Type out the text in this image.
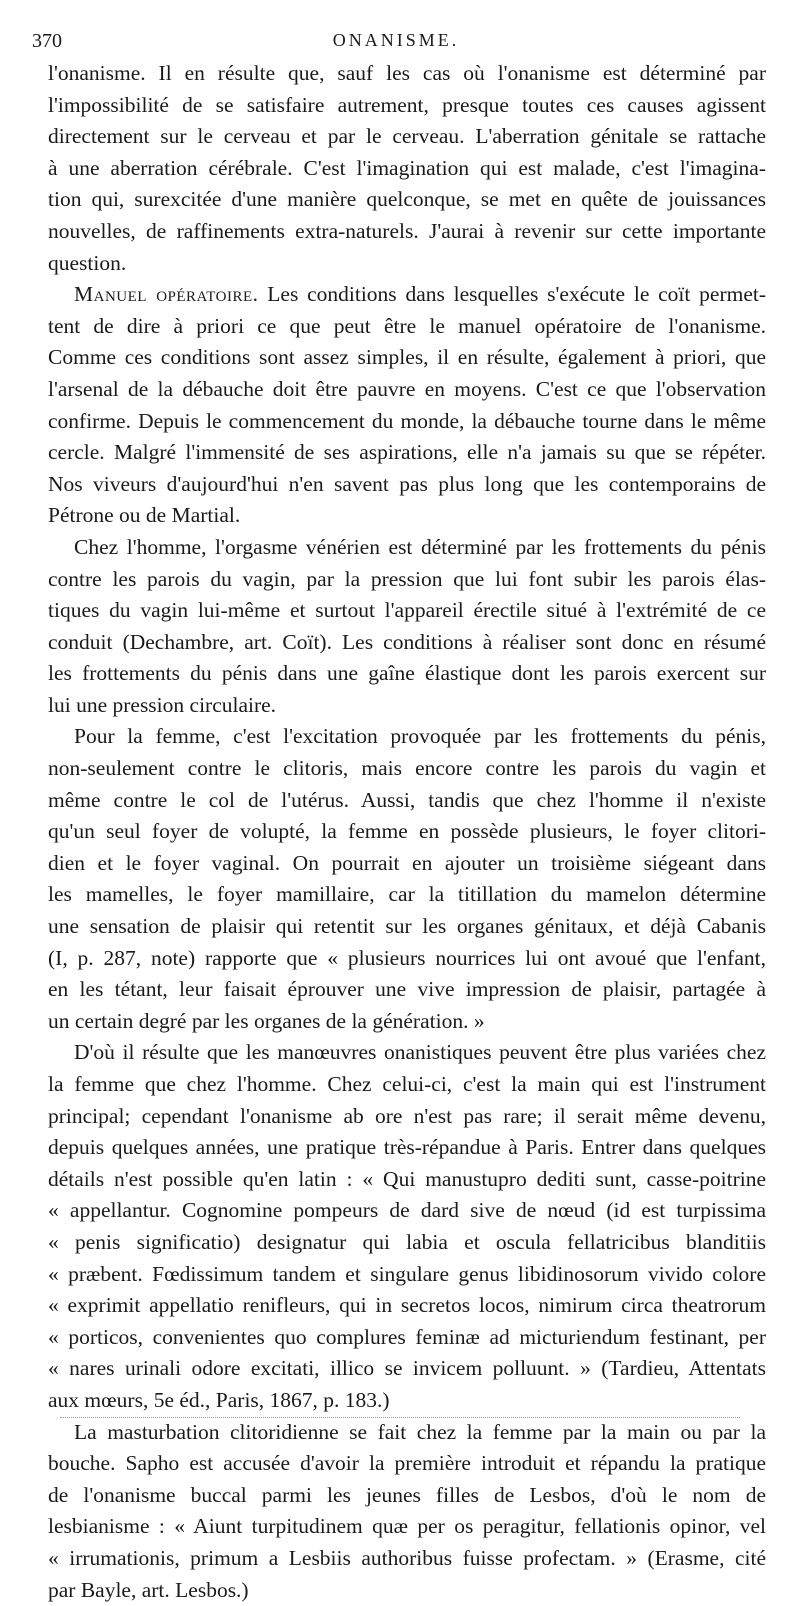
370	ONANISME.
l'onanisme. Il en résulte que, sauf les cas où l'onanisme est déterminé par
l'impossibilité de se satisfaire autrement, presque toutes ces causes agissent
directement sur le cerveau et par le cerveau. L'aberration génitale se rattache
à une aberration cérébrale. C'est l'imagination qui est malade, c'est l'imagina-
tion qui, surexcitée d'une manière quelconque, se met en quête de jouissances
nouvelles, de raffinements extra-naturels. J'aurai à revenir sur cette importante
question.
Manuel opératoire. Les conditions dans lesquelles s'exécute le coït permet-
tent de dire à priori ce que peut être le manuel opératoire de l'onanisme.
Comme ces conditions sont assez simples, il en résulte, également à priori, que
l'arsenal de la débauche doit être pauvre en moyens. C'est ce que l'observation
confirme. Depuis le commencement du monde, la débauche tourne dans le même
cercle. Malgré l'immensité de ses aspirations, elle n'a jamais su que se répéter.
Nos viveurs d'aujourd'hui n'en savent pas plus long que les contemporains de
Pétrone ou de Martial.
Chez l'homme, l'orgasme vénérien est déterminé par les frottements du pénis
contre les parois du vagin, par la pression que lui font subir les parois élas-
tiques du vagin lui-même et surtout l'appareil érectile situé à l'extrémité de ce
conduit (Dechambre, art. Coït). Les conditions à réaliser sont donc en résumé
les frottements du pénis dans une gaîne élastique dont les parois exercent sur
lui une pression circulaire.
Pour la femme, c'est l'excitation provoquée par les frottements du pénis,
non-seulement contre le clitoris, mais encore contre les parois du vagin et
même contre le col de l'utérus. Aussi, tandis que chez l'homme il n'existe
qu'un seul foyer de volupté, la femme en possède plusieurs, le foyer clitori-
dien et le foyer vaginal. On pourrait en ajouter un troisième siégeant dans
les mamelles, le foyer mamillaire, car la titillation du mamelon détermine
une sensation de plaisir qui retentit sur les organes génitaux, et déjà Cabanis
(I, p. 287, note) rapporte que « plusieurs nourrices lui ont avoué que l'enfant,
en les tétant, leur faisait éprouver une vive impression de plaisir, partagée à
un certain degré par les organes de la génération. »
D'où il résulte que les manœuvres onanistiques peuvent être plus variées chez
la femme que chez l'homme. Chez celui-ci, c'est la main qui est l'instrument
principal; cependant l'onanisme ab ore n'est pas rare; il serait même devenu,
depuis quelques années, une pratique très-répandue à Paris. Entrer dans quelques
détails n'est possible qu'en latin : « Qui manustupro dediti sunt, casse-poitrine
« appellantur. Cognomine pompeurs de dard sive de nœud (id est turpissima
« penis significatio) designatur qui labia et oscula fellatricibus blanditiis
« præbent. Fœdissimum tandem et singulare genus libidinosorum vivido colore
« exprimit appellatio renifleurs, qui in secretos locos, nimirum circa theatrorum
« porticos, convenientes quo complures feminæ ad micturiendum festinant, per
« nares urinali odore excitati, illico se invicem polluunt. » (Tardieu, Attentats
aux mœurs, 5e éd., Paris, 1867, p. 183.)
La masturbation clitoridienne se fait chez la femme par la main ou par la
bouche. Sapho est accusée d'avoir la première introduit et répandu la pratique
de l'onanisme buccal parmi les jeunes filles de Lesbos, d'où le nom de
lesbianisme : « Aiunt turpitudinem quæ per os peragitur, fellationis opinor, vel
« irrumationis, primum a Lesbiis authoribus fuisse profectam. » (Erasme, cité
par Bayle, art. Lesbos.)
